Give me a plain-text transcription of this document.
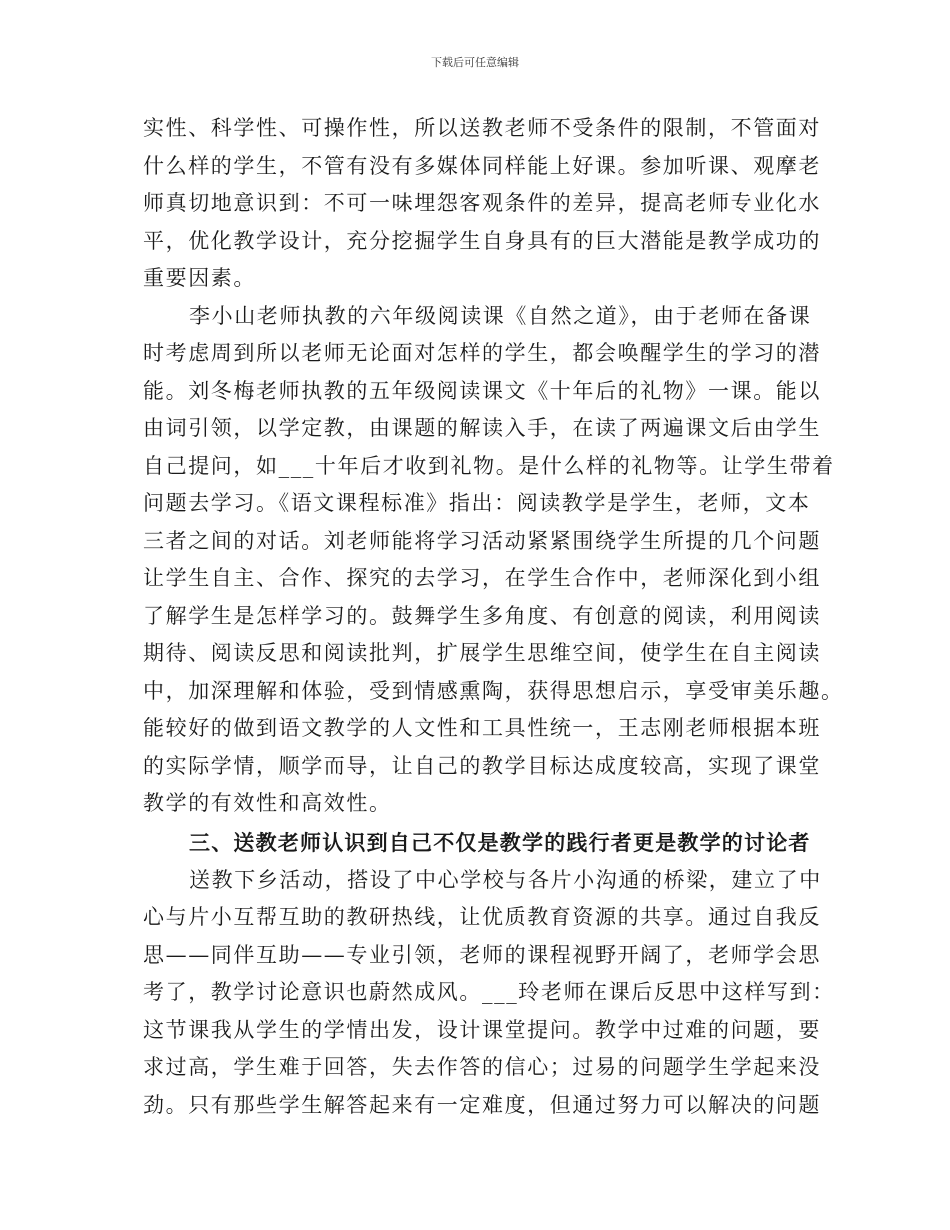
下载后可任意编辑
实性、科学性、可操作性，所以送教老师不受条件的限制，不管面对
什么样的学生，不管有没有多媒体同样能上好课。参加听课、观摩老
师真切地意识到：不可一味埋怨客观条件的差异，提高老师专业化水
平，优化教学设计，充分挖掘学生自身具有的巨大潜能是教学成功的
重要因素。
李小山老师执教的六年级阅读课《自然之道》，由于老师在备课
时考虑周到所以老师无论面对怎样的学生，都会唤醒学生的学习的潜
能。刘冬梅老师执教的五年级阅读课文《十年后的礼物》一课。能以
由词引领，以学定教，由课题的解读入手，在读了两遍课文后由学生
自己提问，如___十年后才收到礼物。是什么样的礼物等。让学生带着
问题去学习。《语文课程标准》指出：阅读教学是学生，老师，文本
三者之间的对话。刘老师能将学习活动紧紧围绕学生所提的几个问题
让学生自主、合作、探究的去学习，在学生合作中，老师深化到小组
了解学生是怎样学习的。鼓舞学生多角度、有创意的阅读，利用阅读
期待、阅读反思和阅读批判，扩展学生思维空间，使学生在自主阅读
中，加深理解和体验，受到情感熏陶，获得思想启示，享受审美乐趣。
能较好的做到语文教学的人文性和工具性统一，王志刚老师根据本班
的实际学情，顺学而导，让自己的教学目标达成度较高，实现了课堂
教学的有效性和高效性。
三、送教老师认识到自己不仅是教学的践行者更是教学的讨论者
送教下乡活动，搭设了中心学校与各片小沟通的桥梁，建立了中
心与片小互帮互助的教研热线，让优质教育资源的共享。通过自我反
思——同伴互助——专业引领，老师的课程视野开阔了，老师学会思
考了，教学讨论意识也蔚然成风。___玲老师在课后反思中这样写到：
这节课我从学生的学情出发，设计课堂提问。教学中过难的问题，要
求过高，学生难于回答，失去作答的信心；过易的问题学生学起来没
劲。只有那些学生解答起来有一定难度，但通过努力可以解决的问题
